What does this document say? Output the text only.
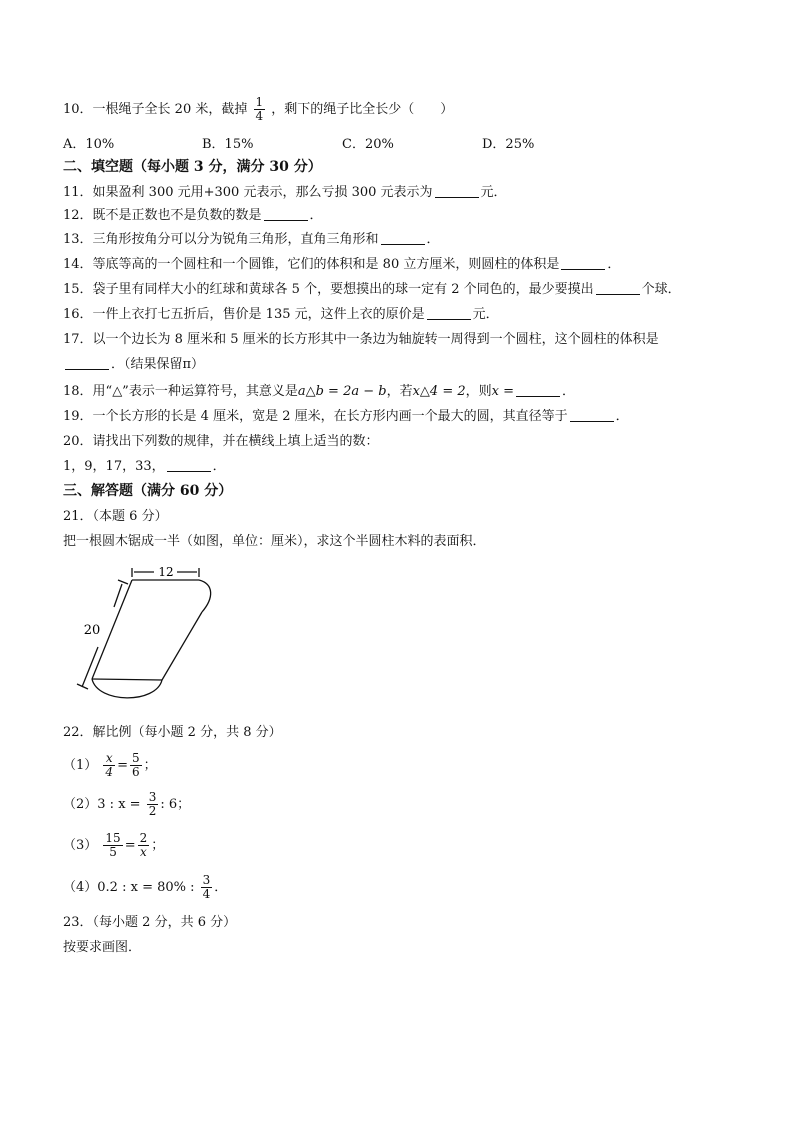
10．一根绳子全长 20 米，截掉 $\frac{1}{4}$ ，剩下的绳子比全长少（　　）
A．10%	B．15%	C．20%	D．25%
二、填空题（每小题 3 分，满分 30 分）
11．如果盈利 300 元用+300 元表示，那么亏损 300 元表示为	元．
12．既不是正数也不是负数的数是	．
13．三角形按角分可以分为锐角三角形，直角三角形和	．
14．等底等高的一个圆柱和一个圆锥，它们的体积和是 80 立方厘米，则圆柱的体积是	．
15．袋子里有同样大小的红球和黄球各 5 个，要想摸出的球一定有 2 个同色的，最少要摸出	个球．
16．一件上衣打七五折后，售价是 135 元，这件上衣的原价是	元．
17．以一个边长为 8 厘米和 5 厘米的长方形其中一条边为轴旋转一周得到一个圆柱，这个圆柱的体积是
．（结果保留π）
18．用“△”表示一种运算符号，其意义是a△b = 2a − b，若x△4 = 2，则x =	．
19．一个长方形的长是 4 厘米，宽是 2 厘米，在长方形内画一个最大的圆，其直径等于	．
20．请找出下列数的规律，并在横线上填上适当的数：
1，9，17，33，	．
三、解答题（满分 60 分）
21．（本题 6 分）
把一根圆木锯成一半（如图，单位：厘米），求这个半圆柱木料的表面积．
12
20
22．解比例（每小题 2 分，共 8 分）
$(1) \frac{x}{4} = \frac{5}{6}$ ；
（2）3 : $x = \frac{3}{2}$ : 6；
$(3) \frac{15}{5} = \frac{2}{x}$ ；
（4）0.2 : x = 80% : $\frac{3}{4}$ ．
23．（每小题 2 分，共 6 分）
按要求画图．
